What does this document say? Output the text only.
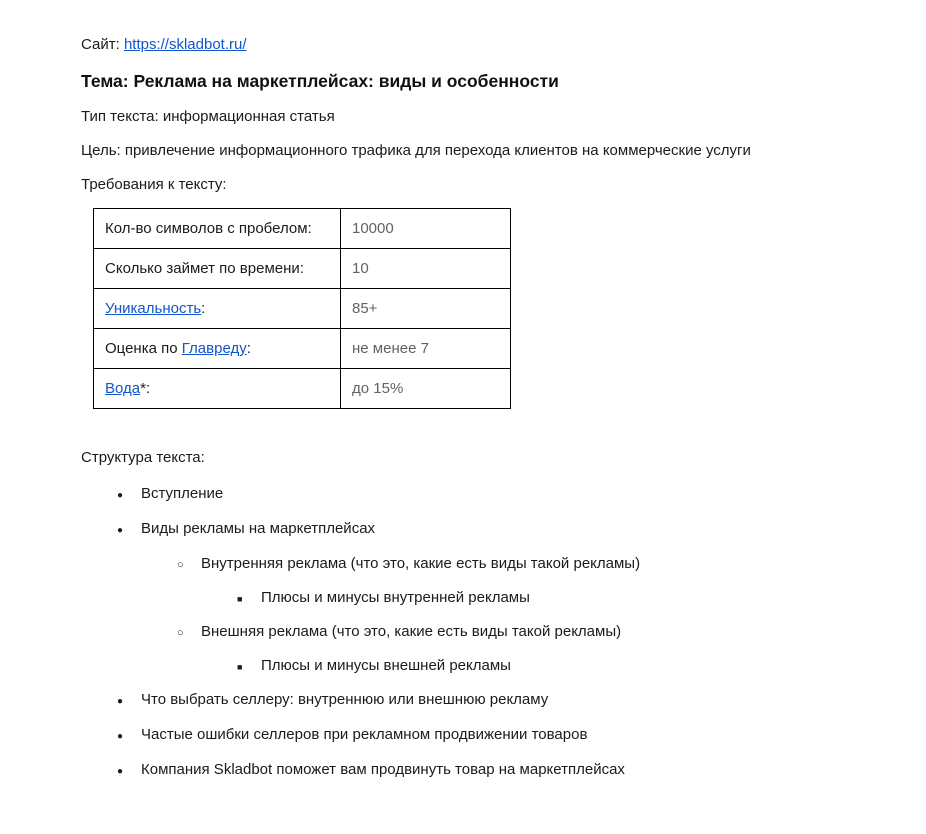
Сайт: https://skladbot.ru/

Тема: Реклама на маркетплейсах: виды и особенности

Тип текста: информационная статья

Цель: привлечение информационного трафика для перехода клиентов на коммерческие услуги

Требования к тексту:

Кол-во символов с пробелом:	10000
Сколько займет по времени:	10
Уникальность:	85+
Оценка по Главреду:	не менее 7
Вода*:	до 15%

Структура текста:

●	Вступление
●	Виды рекламы на маркетплейсах
○	Внутренняя реклама (что это, какие есть виды такой рекламы)
■	Плюсы и минусы внутренней рекламы
○	Внешняя реклама (что это, какие есть виды такой рекламы)
■	Плюсы и минусы внешней рекламы
●	Что выбрать селлеру: внутреннюю или внешнюю рекламу
●	Частые ошибки селлеров при рекламном продвижении товаров
●	Компания Skladbot поможет вам продвинуть товар на маркетплейсах
